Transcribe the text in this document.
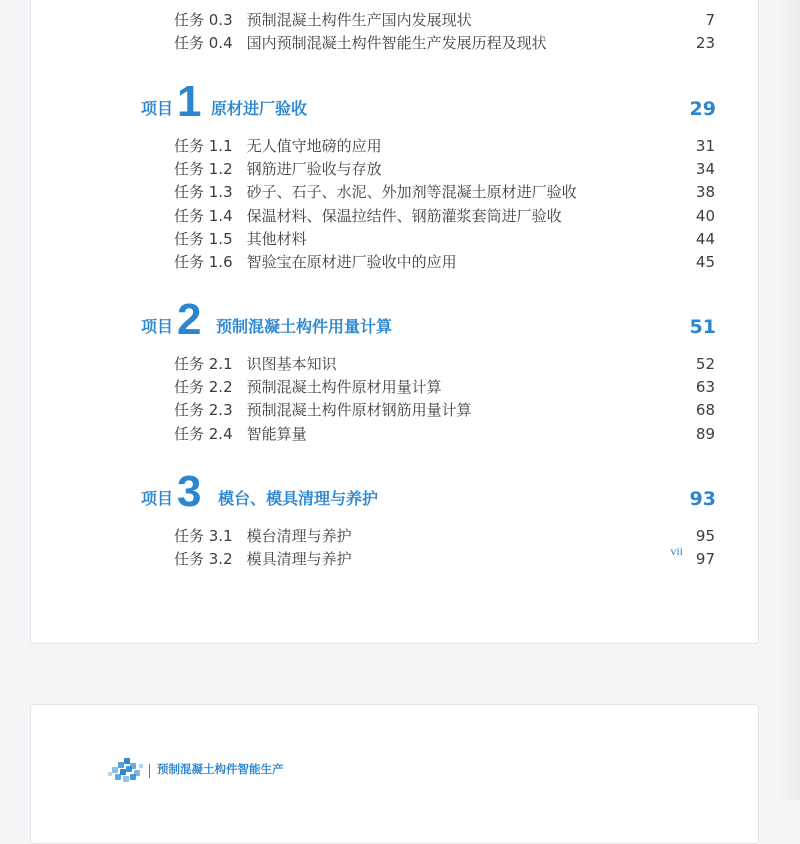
任务 0.3 预制混凝土构件生产国内发展现状	7
任务 0.4 国内预制混凝土构件智能生产发展历程及现状	23
项目 1 原材进厂验收	29
任务 1.1 无人值守地磅的应用	31
任务 1.2 钢筋进厂验收与存放	34
任务 1.3 砂子、石子、水泥、外加剂等混凝土原材进厂验收	38
任务 1.4 保温材料、保温拉结件、钢筋灌浆套筒进厂验收	40
任务 1.5 其他材料	44
任务 1.6 智验宝在原材进厂验收中的应用	45
项目 2 预制混凝土构件用量计算	51
任务 2.1 识图基本知识	52
任务 2.2 预制混凝土构件原材用量计算	63
任务 2.3 预制混凝土构件原材钢筋用量计算	68
任务 2.4 智能算量	89
项目 3 模台、模具清理与养护	93
任务 3.1 模台清理与养护	95
任务 3.2 模具清理与养护	97
vii
预制混凝土构件智能生产
